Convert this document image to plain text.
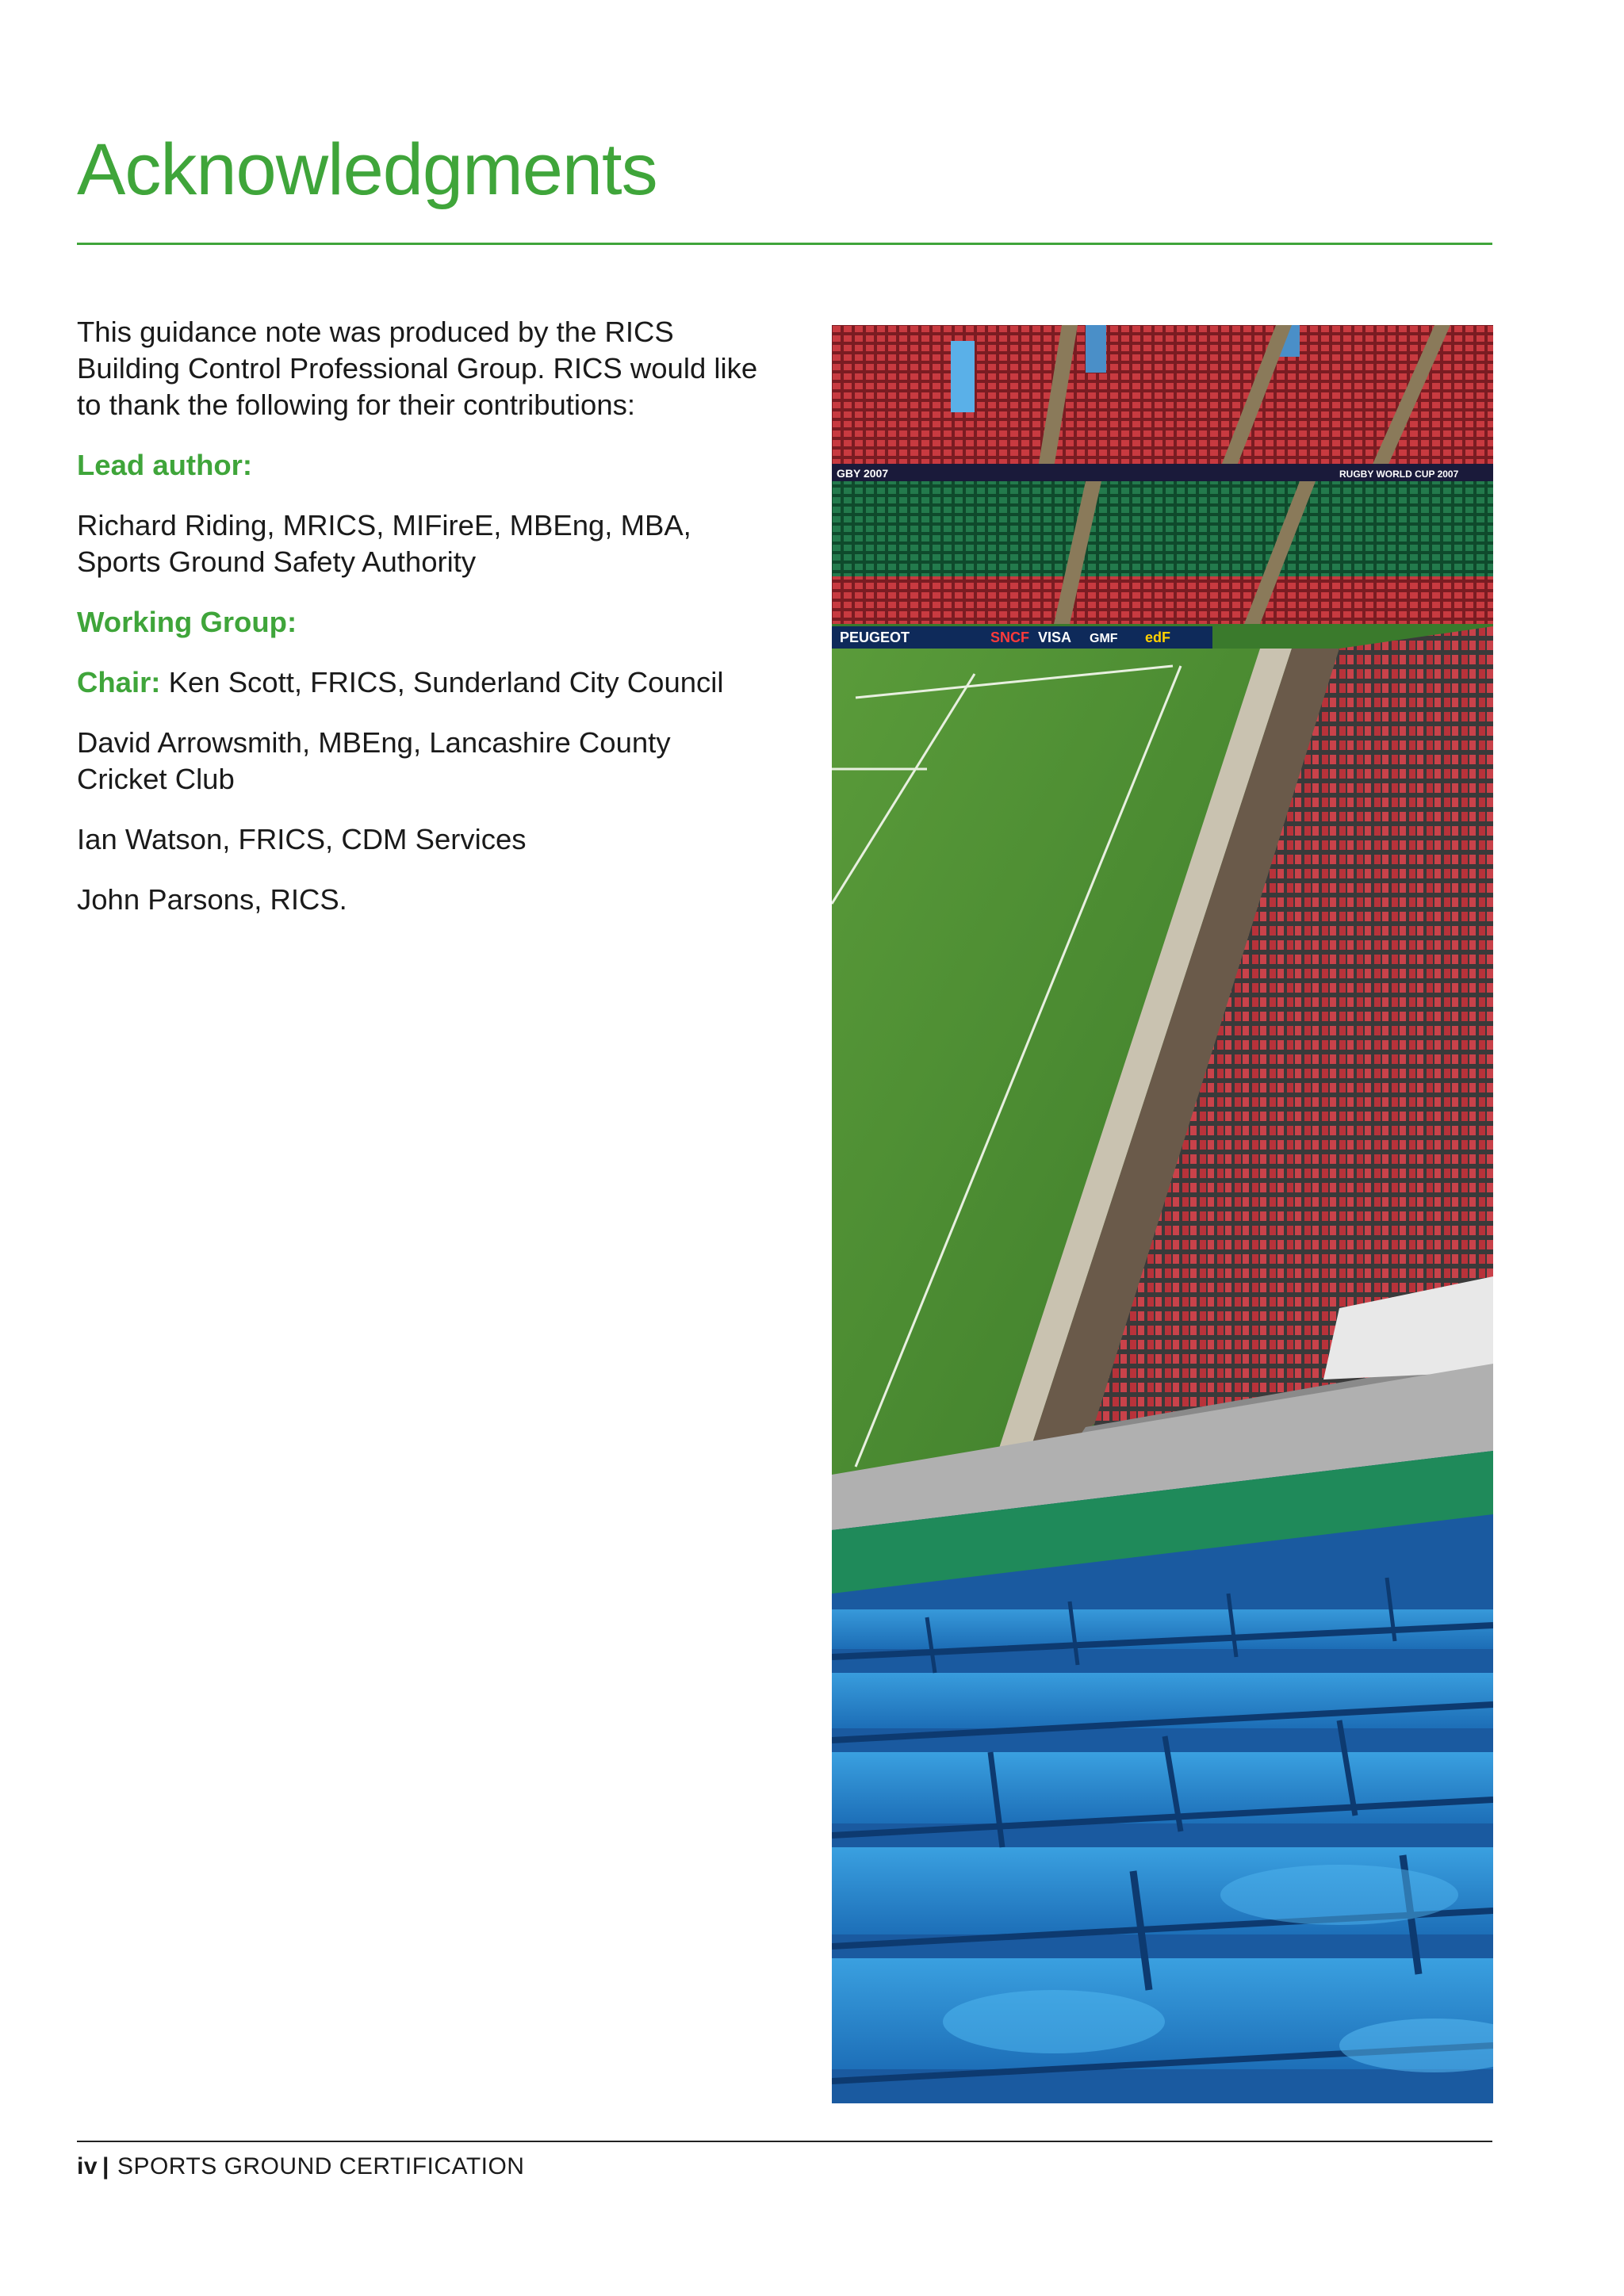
Acknowledgments

This guidance note was produced by the RICS Building Control Professional Group. RICS would like to thank the following for their contributions:

Lead author:

Richard Riding, MRICS, MIFireE, MBEng, MBA,
Sports Ground Safety Authority

Working Group:

Chair: Ken Scott, FRICS, Sunderland City Council

David Arrowsmith, MBEng, Lancashire County
Cricket Club

Ian Watson, FRICS, CDM Services

John Parsons, RICS.

GBY 2007	RUGBY WORLD CUP 2007
PEUGEOT	SNCF VISA GMF edF
iv | SPORTS GROUND CERTIFICATION
